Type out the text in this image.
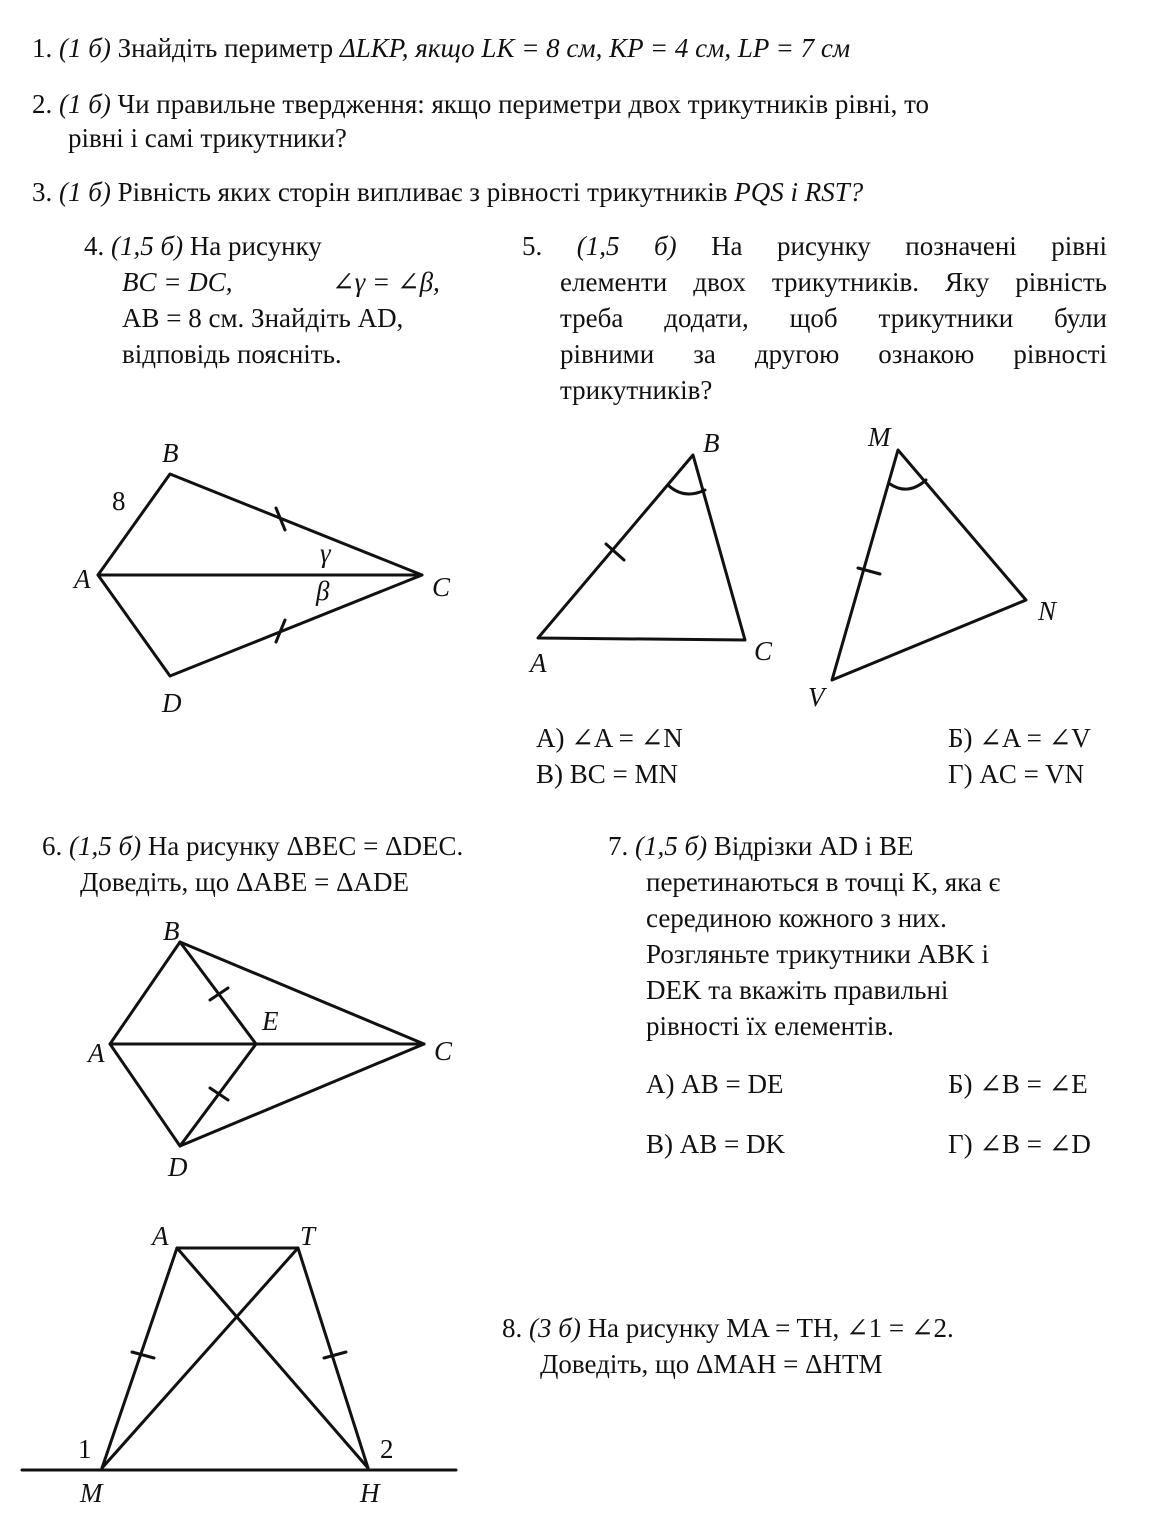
1. (1 б) Знайдіть периметр ΔLKP, якщо LK = 8 см, KP = 4 см, LP = 7 см
2. (1 б) Чи правильне твердження: якщо периметри двох трикутників рівні, то
рівні і самі трикутники?
3. (1 б) Рівність яких сторін випливає з рівності трикутників PQS і RST?
4. (1,5 б) На рисунку
BC = DC,	∠γ = ∠β,
AB = 8 см. Знайдіть AD,
відповідь поясніть.
5. (1,5 б) На рисунку позначені рівні
елементи двох трикутників. Яку рівність
треба додати, щоб трикутники були
рівними за другою ознакою рівності
трикутників?
А) ∠A = ∠N	Б) ∠A = ∠V
В) BC = MN	Г) AC = VN
6. (1,5 б) На рисунку ΔBEC = ΔDEC.
Доведіть, що ΔABE = ΔADE
7. (1,5 б) Відрізки AD і BE
перетинаються в точці K, яка є
серединою кожного з них.
Розгляньте трикутники ABK і
DEK та вкажіть правильні
рівності їх елементів.
А) AB = DE	Б) ∠B = ∠E
В) AB = DK	Г) ∠B = ∠D
8. (3 б) На рисунку MA = TH, ∠1 = ∠2.
Доведіть, що ΔMAH = ΔHTM
B
A	C
D
8
γ
β
B
A	C
M
N
V
B
A	C
D
E
A	T
M	H
1	2
